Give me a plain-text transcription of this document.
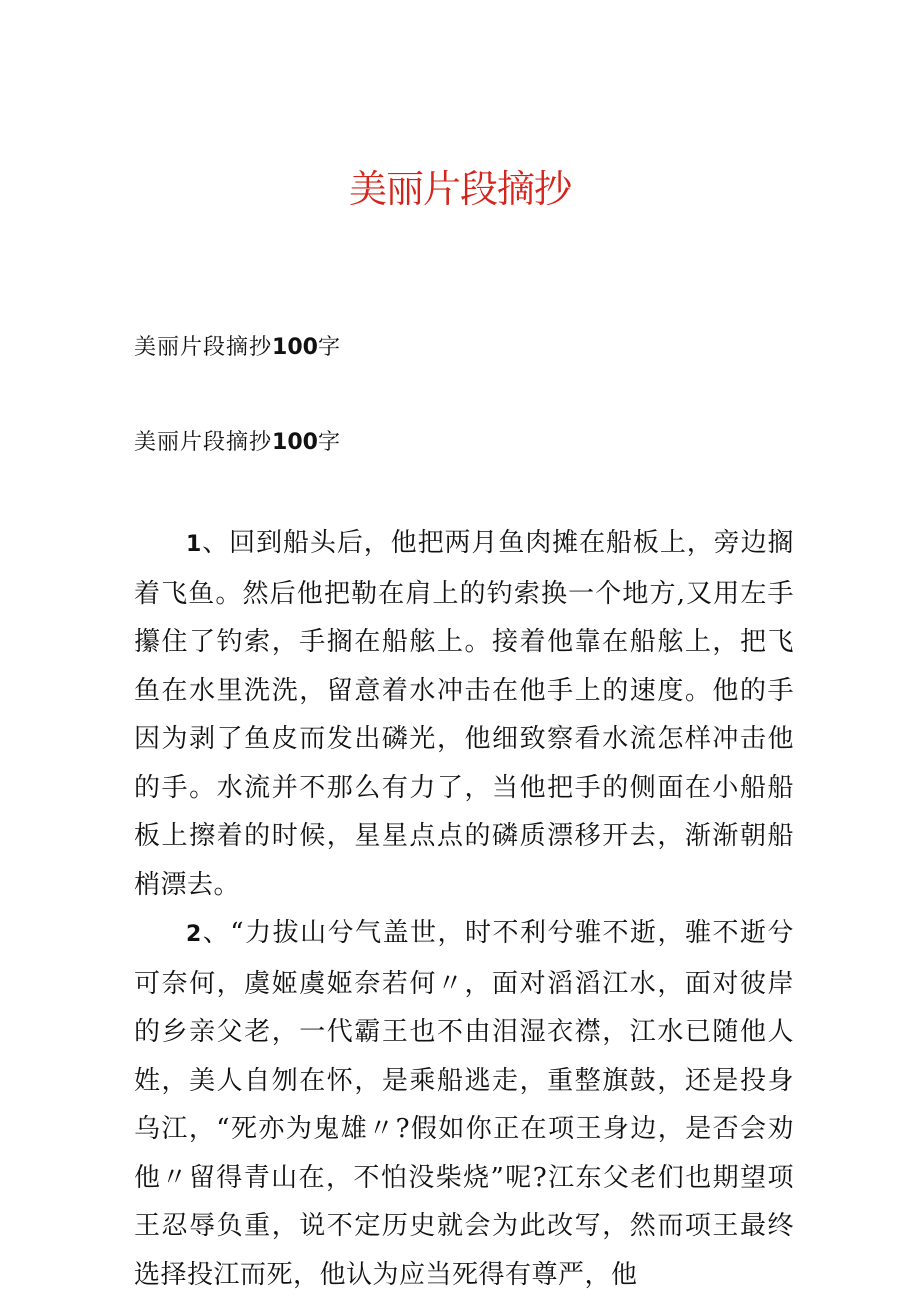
美丽片段摘抄
美丽片段摘抄100字
美丽片段摘抄100字

1、回到船头后，他把两月鱼肉摊在船板上，旁边搁着飞鱼。然后他把勒在肩上的钓索换一个地方,又用左手攥住了钓索，手搁在船舷上。接着他靠在船舷上，把飞鱼在水里洗洗，留意着水冲击在他手上的速度。他的手因为剥了鱼皮而发出磷光，他细致察看水流怎样冲击他的手。水流并不那么有力了，当他把手的侧面在小船船板上擦着的时候，星星点点的磷质漂移开去，渐渐朝船梢漂去。

2、“力拔山兮气盖世，时不利兮骓不逝，骓不逝兮可奈何，虞姬虞姬奈若何〃，面对滔滔江水，面对彼岸的乡亲父老，一代霸王也不由泪湿衣襟，江水已随他人姓，美人自刎在怀，是乘船逃走，重整旗鼓，还是投身乌江，“死亦为鬼雄〃?假如你正在项王身边，是否会劝他〃留得青山在，不怕没柴烧”呢?江东父老们也期望项王忍辱负重，说不定历史就会为此改写，然而项王最终选择投江而死，他认为应当死得有尊严，他
